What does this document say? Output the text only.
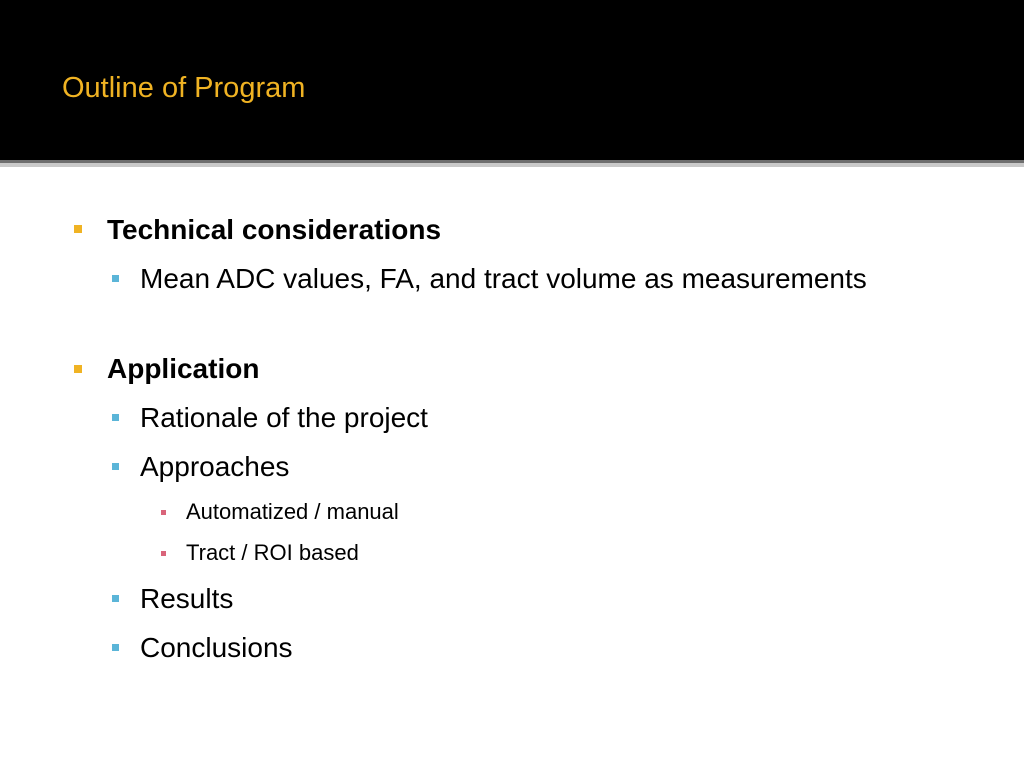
Outline of Program
Technical considerations
Mean ADC values, FA, and tract volume as measurements
Application
Rationale of the project
Approaches
Automatized / manual
Tract / ROI based
Results
Conclusions
